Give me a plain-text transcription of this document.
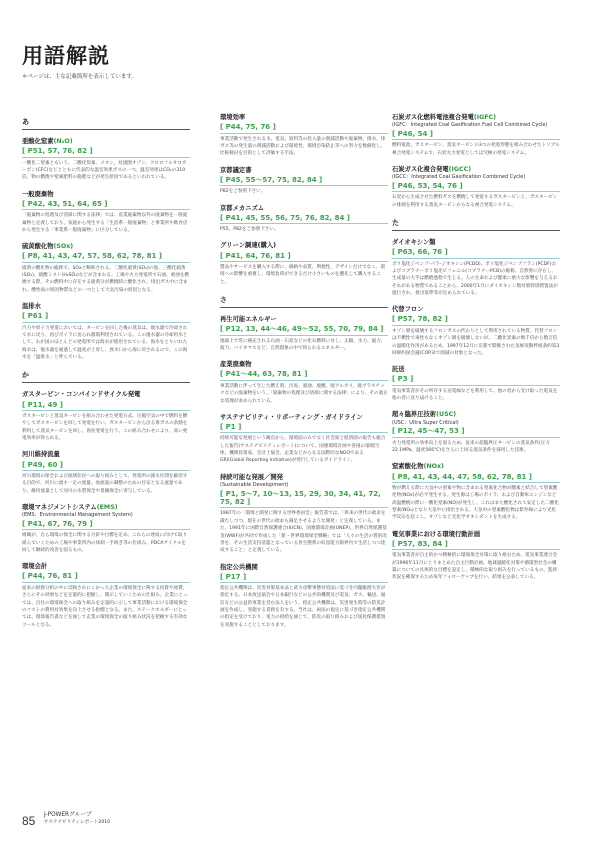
用語解説
＊ページは、主な記載箇所を表示しています。
あ
亜酸化窒素(N₂O)
[ P51, 57, 76, 82 ]
一酸化二窒素ともいう。二酸化炭素、メタン、対流圏オゾン、クロロフルオロカーボン(CFC)などとともに代表的な温室効果ガスの一つ。温室効果はCO₂の310倍。物の燃焼や窒素肥料の施肥などが発生原因であるといわれている。
一般廃棄物
[ P42, 43, 51, 64, 65 ]
「廃棄物の処理及び清掃に関する法律」では、産業廃棄物以外の廃棄物を一般廃棄物と定義しており、家庭から発生する「生活系一般廃棄物」と事業所や飲食店から発生する「事業系一般廃棄物」に区分している。
硫黄酸化物(SOx)
[ P8, 41, 43, 47, 57, 58, 62, 78, 81 ]
硫黄の酸化物の総称で、SOxと略称される。二酸化硫黄(SO₂)の他、三酸化硫黄(SO₃)、硫酸ミスト(H₂SO₄)などが含まれる。工場や火力発電所で石油、重油を燃焼する際、その燃料中に存在する硫黄分が燃焼時に酸化され、排出ガス中に含まれ、酸性雨の原因物質などの一つとして大気汚染の原因となる。
温排水
[ P61 ]
汽力や原子力発電においては、タービンを回した後の蒸気は、復水器で冷却されて水に戻り、再びボイラに送られ循環利用されている。この復水器の冷却用水として、わが国のほとんどの発電所では海水が使用されている。海水をとりいれた海水は、復水器を通過して温度が上昇し、放水口から海に戻されるので、この海水を「温排水」と呼んでいる。
か
ガスタービン・コンバインドサイクル発電
[ P11, 49 ]
ガスタービンと蒸気タービンを組み合わせた発電方式。圧縮空気の中で燃料を燃やしてガスタービンを回して発電を行い、ガスタービンから出る排ガスの余熱を利用して蒸気タービンを回し、再度発電を行う。この組み合わせにより、高い発電効率が得られる。
河川維持流量
[ P49, 60 ]
河川環境の保全および流域住民への取り組みとして、発電所の減水区間を解消する目的で、河川に流す一定の流量。放流量の調整のための目安となる流量であり、維持流量として河川の水質保全や景観保全に寄与している。
環境マネジメントシステム(EMS)
(EMS：Environmental Management System)
[ P41, 67, 76, 79 ]
組織が、自ら環境の保全に関する方針や目標を定め、これらの達成に向けて取り組んでいくための工場や事業所内の体制・手続き等の仕組み。PDCAサイクルを回して継続的改善を図るもの。
環境会計
[ P44, 76, 81 ]
従来の財務分析の中に反映されにくかった企業の環境保全に関する投資や経費、さらにその効果などを定量的に把握し、開示していくための仕組み。企業にとっては、自社の環境保全への取り組みを定量的に示して事業活動における環境保全のコストの費用対効果を向上させる指標となる。また、ステークホルダーにとっては、環境報告書などを通して企業の環境保全の取り組み状況を把握する有効なツールとなる。
環境効率
[ P44, 75, 76 ]
事業活動で発生される水、電気、原料等の投入量の削減活動や廃棄物、排水、排ガス等の発生量の削減活動および環境性、環境汚染防止等への努力を数値化し、比較検討を目的として評価する手法。
京都議定書
[ P45, 55〜57, 75, 82, 84 ]
P82をご参照下さい。
京都メカニズム
[ P41, 45, 55, 56, 75, 76, 82, 84 ]
P55、P82をご参照下さい。
グリーン調達(購入)
[ P41, 64, 76, 81 ]
製品やサービスを購入する際に、価格や品質、利便性、デザインだけでなく、環境への影響を重視し、環境負荷ができるだけ小さいものを優先して購入すること。
さ
再生可能エネルギー
[ P12, 13, 44〜46, 49〜52, 55, 70, 79, 84 ]
地球上で常に補充される石油・石炭などの化石燃料に対し、太陽、水力、風力、波力、バイオマスなど、自然現象の中で得られるエネルギー。
産業廃棄物
[ P41〜44, 63, 78, 81 ]
事業活動に伴って生じた燃え殻、汚泥、廃油、廃酸、廃アルカリ、廃プラスチックなどの廃棄物をいう。「廃棄物の処理及び清掃に関する法律」により、その適正な処理が求められている。
サステナビリティ・リポーティング・ガイドライン
[ P1 ]
持続可能な発展という観点から、環境面のみでなく社会面と経済面の報告も総合した報告(サステナビリティレポート)について、国連環境計画や各国の環境団体、機関投資家、会計士協会、企業などからなる国際的なNGOであるGRI(Global Reporting Initiative)が発行しているガイドライン。
持続可能な発展／開発
(Sustainable Development)
[ P1, 5〜7, 10〜13, 15, 29, 30, 34, 41, 72, 75, 82 ]
1987年の「環境と開発に関する世界委員会」報告書では、「将来の世代の欲求を満たしつつ、現在の世代の欲求も満足させるような開発」と定義している。また、1991年に国際自然保護連合(IUCN)、国連環境計画(UNEP)、世界自然保護基金(WWF)が共同で作成した「新・世界環境保全戦略」では「人々の生活の質的改善を、その生活支持基盤となっている各生態系の収容能力限界内で生活しつつ達成すること」と定義している。
指定公共機関
[ P17 ]
指定公共機関は、災害対策基本法と武力攻撃事態対処法に基づき内閣総理大臣が指定する。日本放送協会や日本銀行などの公共的機関及び電気、ガス、輸送、通信などの公益的事業を営む法人をいう。指定公共機関は、災害発生時等の防災計画を作成し、実施する責務を有する。当社は、両法の規定に基づき指定公共機関の指定を受けており、電力の供給を通じて、防災の取り組みおよび国民保護措置を実施することとしております。
石炭ガス化燃料電池複合発電(IGFC)
(IGFC：Integrated Coal Gasification Fuel Cell Combined Cycle)
[ P46, 54 ]
燃料電池、ガスタービン、蒸気タービンの3つの発電形態を組み合わせたトリプル複合発電システムで、石炭火力発電としては究極の発電システム。
石炭ガス化複合発電(IGCC)
(IGCC：Integrated Coal Gasification Combined Cycle)
[ P46, 53, 54, 76 ]
石炭から生成させた燃料ガスを燃焼して発電するガスタービンと、ガスタービンの排熱を利用する蒸気タービンからなる複合発電システム。
た
ダイオキシン類
[ P63, 66, 76 ]
ポリ塩化ジベンゾ-パラ-ジオキシン(PCDD)、ポリ塩化ジベンゾフラン(PCDF)およびコプラナーポリ塩化ビフェニル(コプラナーPCB)の総称。自然界に存在し、生成量の大半は燃焼過程で生じる。人の生命および健康に重大な影響を与えるおそれがある物質であることから、2000年1月にダイオキシン類対策特別措置法が施行され、排出基準等が定められている。
代替フロン
[ P57, 78, 82 ]
オゾン層を破壊するフロンガスの代わりとして利用されている物質。代替フロンは不燃性で毒性もなくオゾン層を破壊しないが、二酸化炭素の数千倍から数万倍の温暖化作用があるため、1997年12月に京都で開催された気候変動枠組条約第3回締約国会議(COP3)で削減の対象となった。
託送
[ P3 ]
電気事業者がその所有する送電線などを利用して、他の者から受け取った電気を他の者に送り届けること。
超々臨界圧技術(USC)
(USC：Ultra Super Critical)
[ P12, 45〜47, 53 ]
火力発電所の効率向上を図るため、従来の超臨界圧タービンの蒸気条件(圧力22.1MPa、温度566℃)をさらに上回る蒸気条件を採用した技術。
窒素酸化物(NOx)
[ P8, 41, 43, 44, 47, 58, 62, 78, 81 ]
物が燃える際に大気中の窒素や物に含まれる窒素化合物が酸素と結合して窒素酸化物(NOx)が必ず発生する。発生源は工場のボイラ、および自動車エンジンなど高温燃焼の際に一酸化窒素(NO)が発生し、これはまた酸化されて安定した二酸化窒素(NO₂)となり大気中に排出される。大気中の窒素酸化物は紫外線により光化学反応を起こし、オゾンなど光化学オキシダントを生成する。
電気事業における環境行動計画
[ P57, 83, 84 ]
電気事業者が自主的かつ積極的に環境保全対策に取り組むため、電気事業連合会が1996年11月にとりまとめた自主行動計画。地球温暖化対策や循環型社会の構築についての具体的な目標を設定し、積極的な取り組みを行っているもの。進捗状況を確保するため毎年フォローアップを行い、結果を公表している。
85 J-POWERグループ
サステナビリティレポート2010
